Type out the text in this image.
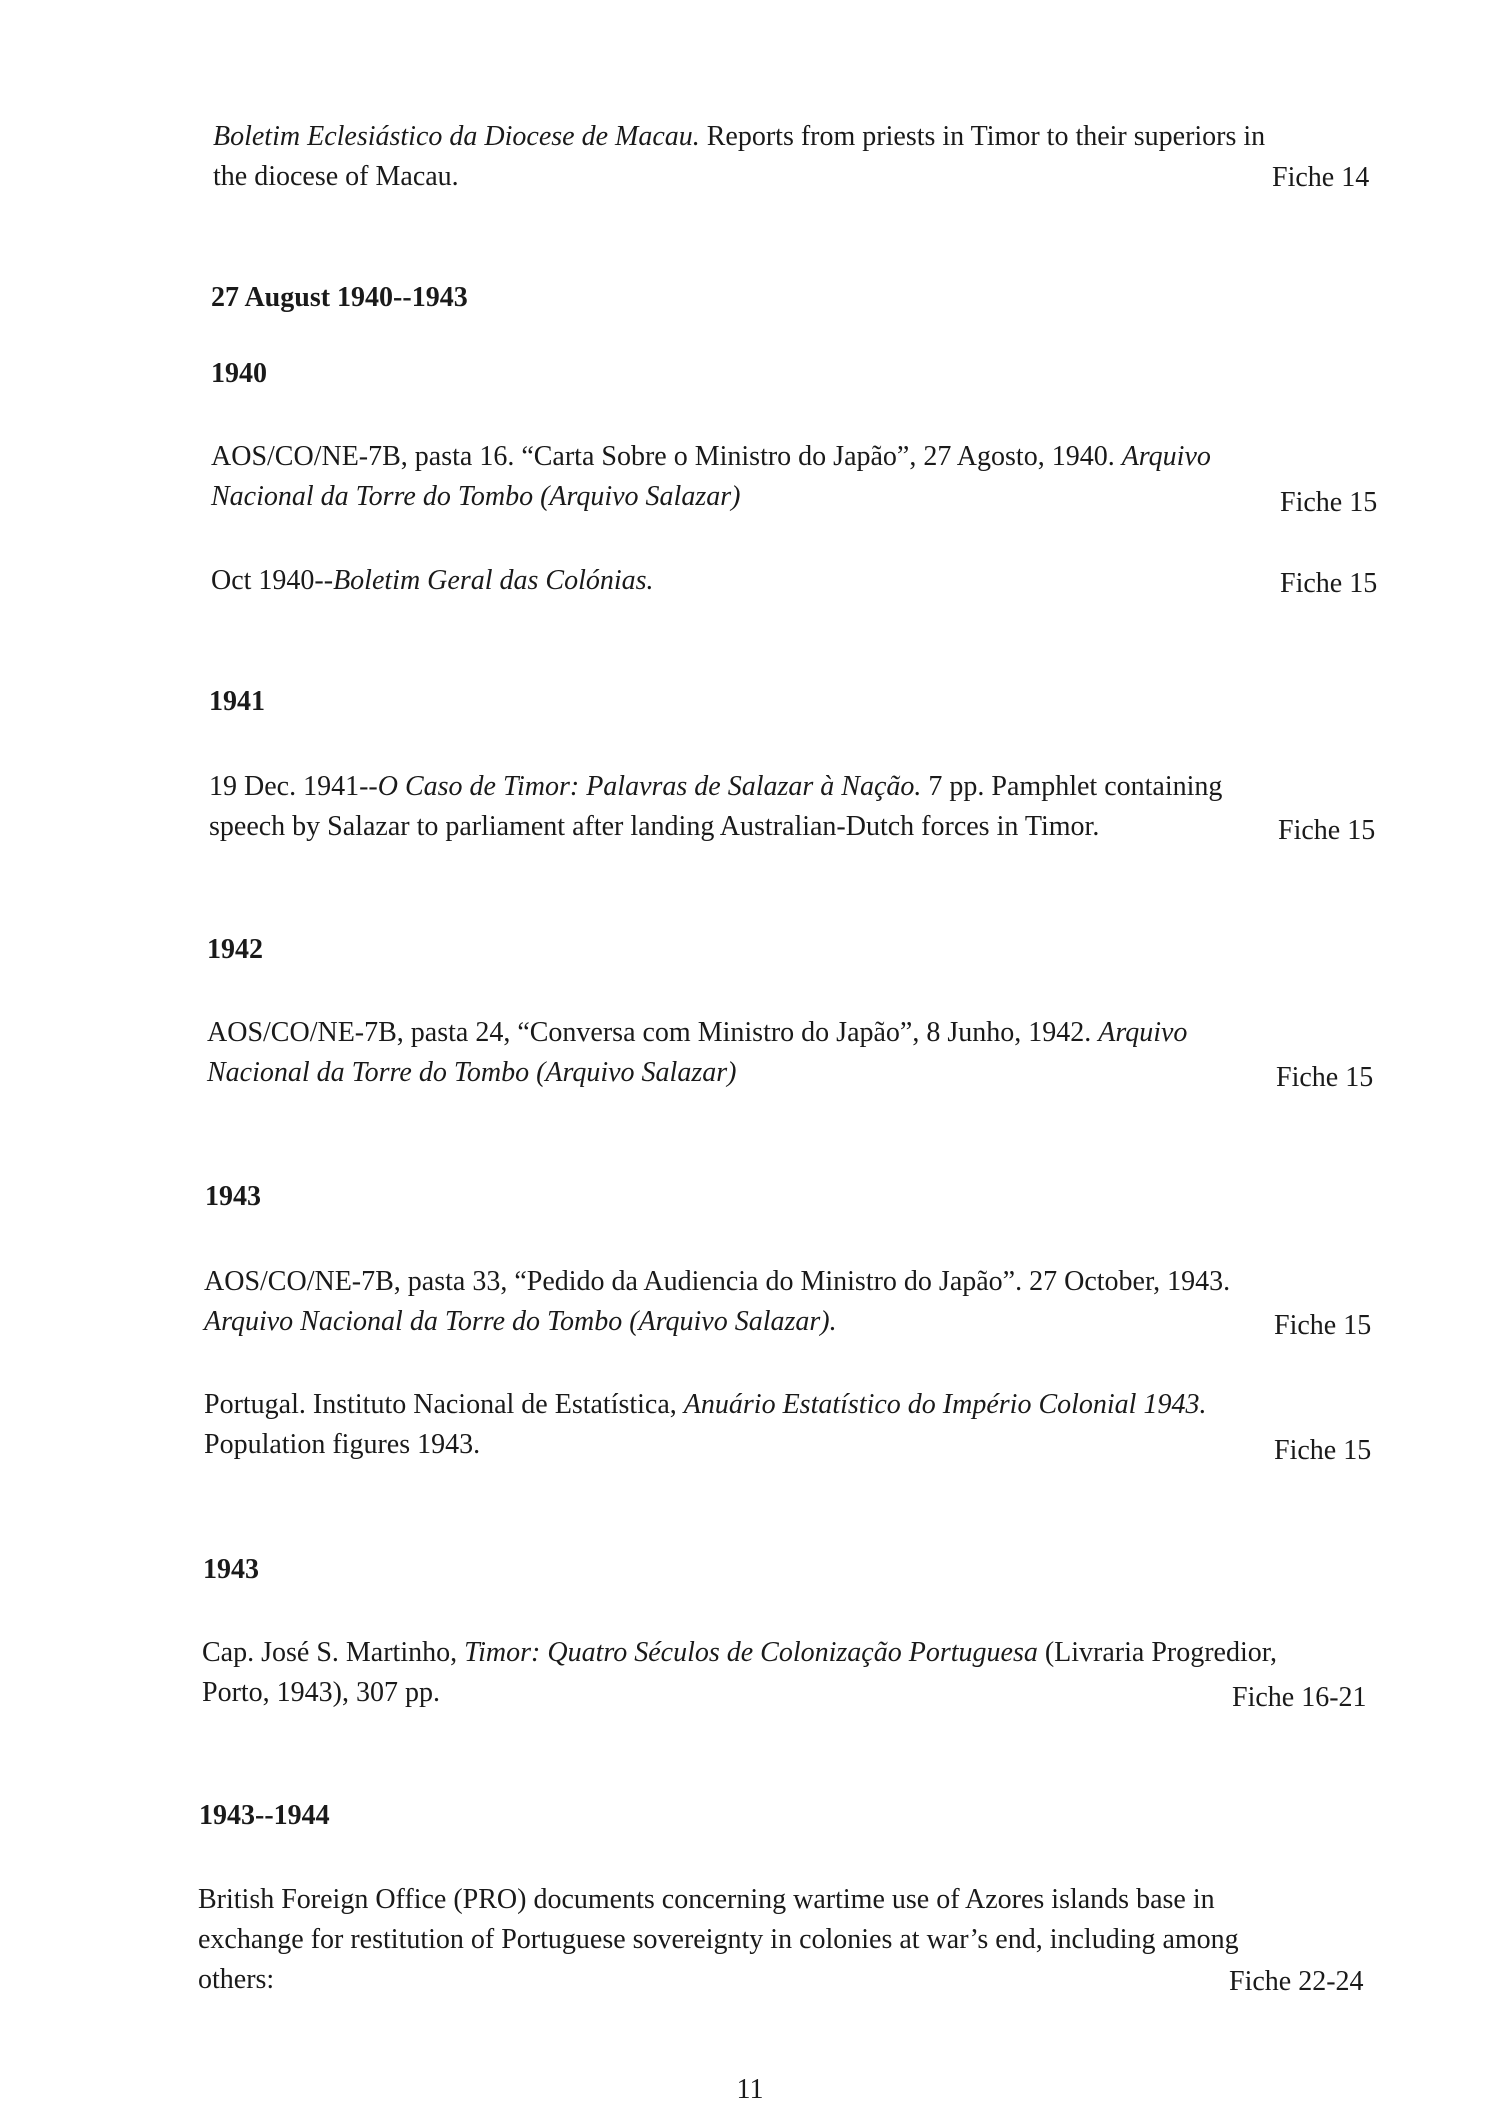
Boletim Eclesiástico da Diocese de Macau. Reports from priests in Timor to their superiors in
the diocese of Macau.	Fiche 14
27 August 1940--1943
1940
AOS/CO/NE-7B, pasta 16. “Carta Sobre o Ministro do Japão”, 27 Agosto, 1940. Arquivo
Nacional da Torre do Tombo (Arquivo Salazar)	Fiche 15
Oct 1940--Boletim Geral das Colónias.	Fiche 15
1941
19 Dec. 1941--O Caso de Timor: Palavras de Salazar à Nação. 7 pp. Pamphlet containing
speech by Salazar to parliament after landing Australian-Dutch forces in Timor.	Fiche 15
1942
AOS/CO/NE-7B, pasta 24, “Conversa com Ministro do Japão”, 8 Junho, 1942. Arquivo
Nacional da Torre do Tombo (Arquivo Salazar)	Fiche 15
1943
AOS/CO/NE-7B, pasta 33, “Pedido da Audiencia do Ministro do Japão”. 27 October, 1943.
Arquivo Nacional da Torre do Tombo (Arquivo Salazar).	Fiche 15
Portugal. Instituto Nacional de Estatística, Anuário Estatístico do Império Colonial 1943.
Population figures 1943.	Fiche 15
1943
Cap. José S. Martinho, Timor: Quatro Séculos de Colonização Portuguesa (Livraria Progredior,
Porto, 1943), 307 pp.	Fiche 16-21
1943--1944
British Foreign Office (PRO) documents concerning wartime use of Azores islands base in
exchange for restitution of Portuguese sovereignty in colonies at war’s end, including among
others:	Fiche 22-24
11
